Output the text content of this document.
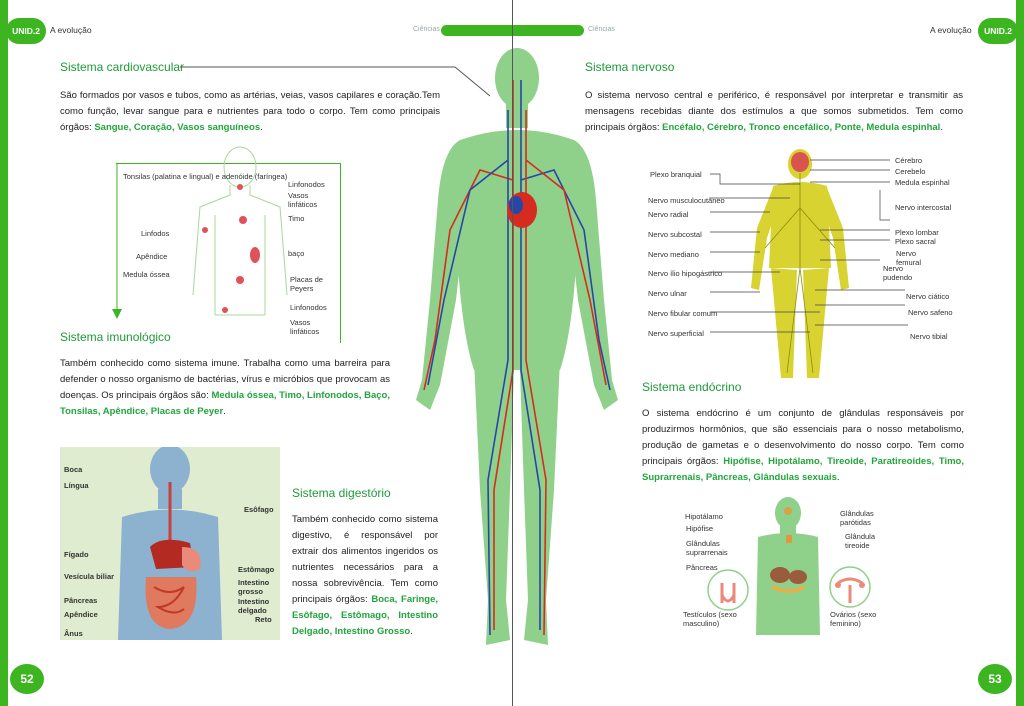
UNID.2	A evolução	Ciências	Ciências	A evolução	UNID.2
Sistema cardiovascular
São formados por vasos e tubos, como as artérias, veias, vasos capilares e coração.Tem como função, levar sangue para e nutrientes para todo o corpo. Tem como principais órgãos: Sangue, Coração, Vasos sanguíneos.
Tonsilas (palatina e lingual) e adenóide (faríngea)
Linfodos
Apêndice
Medula óssea
Linfonodos
Vasos linfáticos
Timo
baço
Placas de Peyers
Linfonodos
Vasos linfáticos
Sistema imunológico
Também conhecido como sistema imune. Trabalha como uma barreira para defender o nosso organismo de bactérias, vírus e micróbios que provocam as doenças. Os principais órgãos são: Medula óssea, Timo, Linfonodos, Baço, Tonsilas, Apêndice, Placas de Peyer.
Boca
Língua
Esôfago
Fígado
Vesícula biliar
Pâncreas
Apêndice
Ânus
Estômago
Intestino grosso
Intestino delgado
Reto
Sistema digestório
Também conhecido como sistema digestivo, é responsável por extrair dos alimentos ingeridos os nutrientes necessários para a nossa sobrevivência. Tem como principais órgãos: Boca, Faringe, Esôfago, Estômago, Intestino Delgado, Intestino Grosso.
52
Sistema nervoso
O sistema nervoso central e periférico, é responsável por interpretar e transmitir as mensagens recebidas diante dos estímulos a que somos submetidos. Tem como principais órgãos: Encéfalo, Cérebro, Tronco encefálico, Ponte, Medula espinhal.
Plexo branquial
Nervo musculocutâneo
Nervo radial
Nervo subcostal
Nervo mediano
Nervo ílio hipogástrico
Nervo ulnar
Nervo fibular comum
Nervo superficial
Cérebro
Cerebelo
Medula espinhal
Nervo intercostal
Plexo lombar
Plexo sacral
Nervo femural
Nervo pudendo
Nervo ciático
Nervo safeno
Nervo tibial
Sistema endócrino
O sistema endócrino é um conjunto de glândulas responsáveis por produzirmos hormônios, que são essenciais para o nosso metabolismo, produção de gametas e o desenvolvimento do nosso corpo. Tem como principais órgãos: Hipófise, Hipotálamo, Tireoide, Paratireoides, Timo, Suprarrenais, Pâncreas, Glândulas sexuais.
Hipotálamo
Hipófise
Glândulas suprarrenais
Pâncreas
Testículos (sexo masculino)
Glândulas parótidas
Glândula tireoide
Ovários (sexo feminino)
53
